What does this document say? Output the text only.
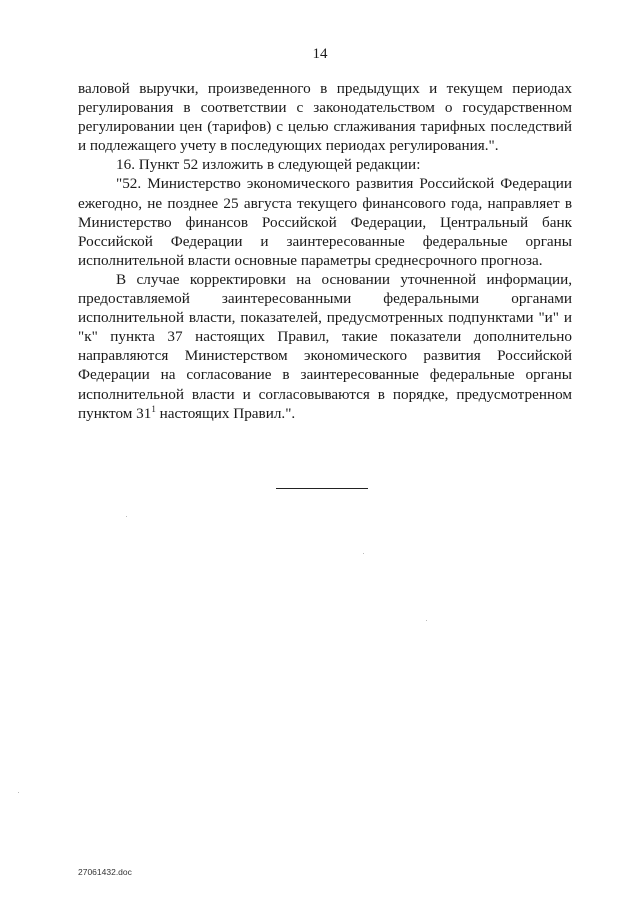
14
валовой выручки, произведенного в предыдущих и текущем периодах
регулирования в соответствии с законодательством о государственном
регулировании цен (тарифов) с целью сглаживания тарифных последствий
и подлежащего учету в последующих периодах регулирования.".
16. Пункт 52 изложить в следующей редакции:
"52. Министерство экономического развития Российской Федерации
ежегодно, не позднее 25 августа текущего финансового года, направляет в
Министерство финансов Российской Федерации, Центральный банк
Российской Федерации и заинтересованные федеральные органы
исполнительной власти основные параметры среднесрочного прогноза.
В случае корректировки на основании уточненной информации,
предоставляемой заинтересованными федеральными органами
исполнительной власти, показателей, предусмотренных подпунктами "и" и
"к" пункта 37 настоящих Правил, такие показатели дополнительно
направляются Министерством экономического развития Российской
Федерации на согласование в заинтересованные федеральные органы
исполнительной власти и согласовываются в порядке, предусмотренном
пунктом $31^1$ настоящих Правил.".
27061432.doc
